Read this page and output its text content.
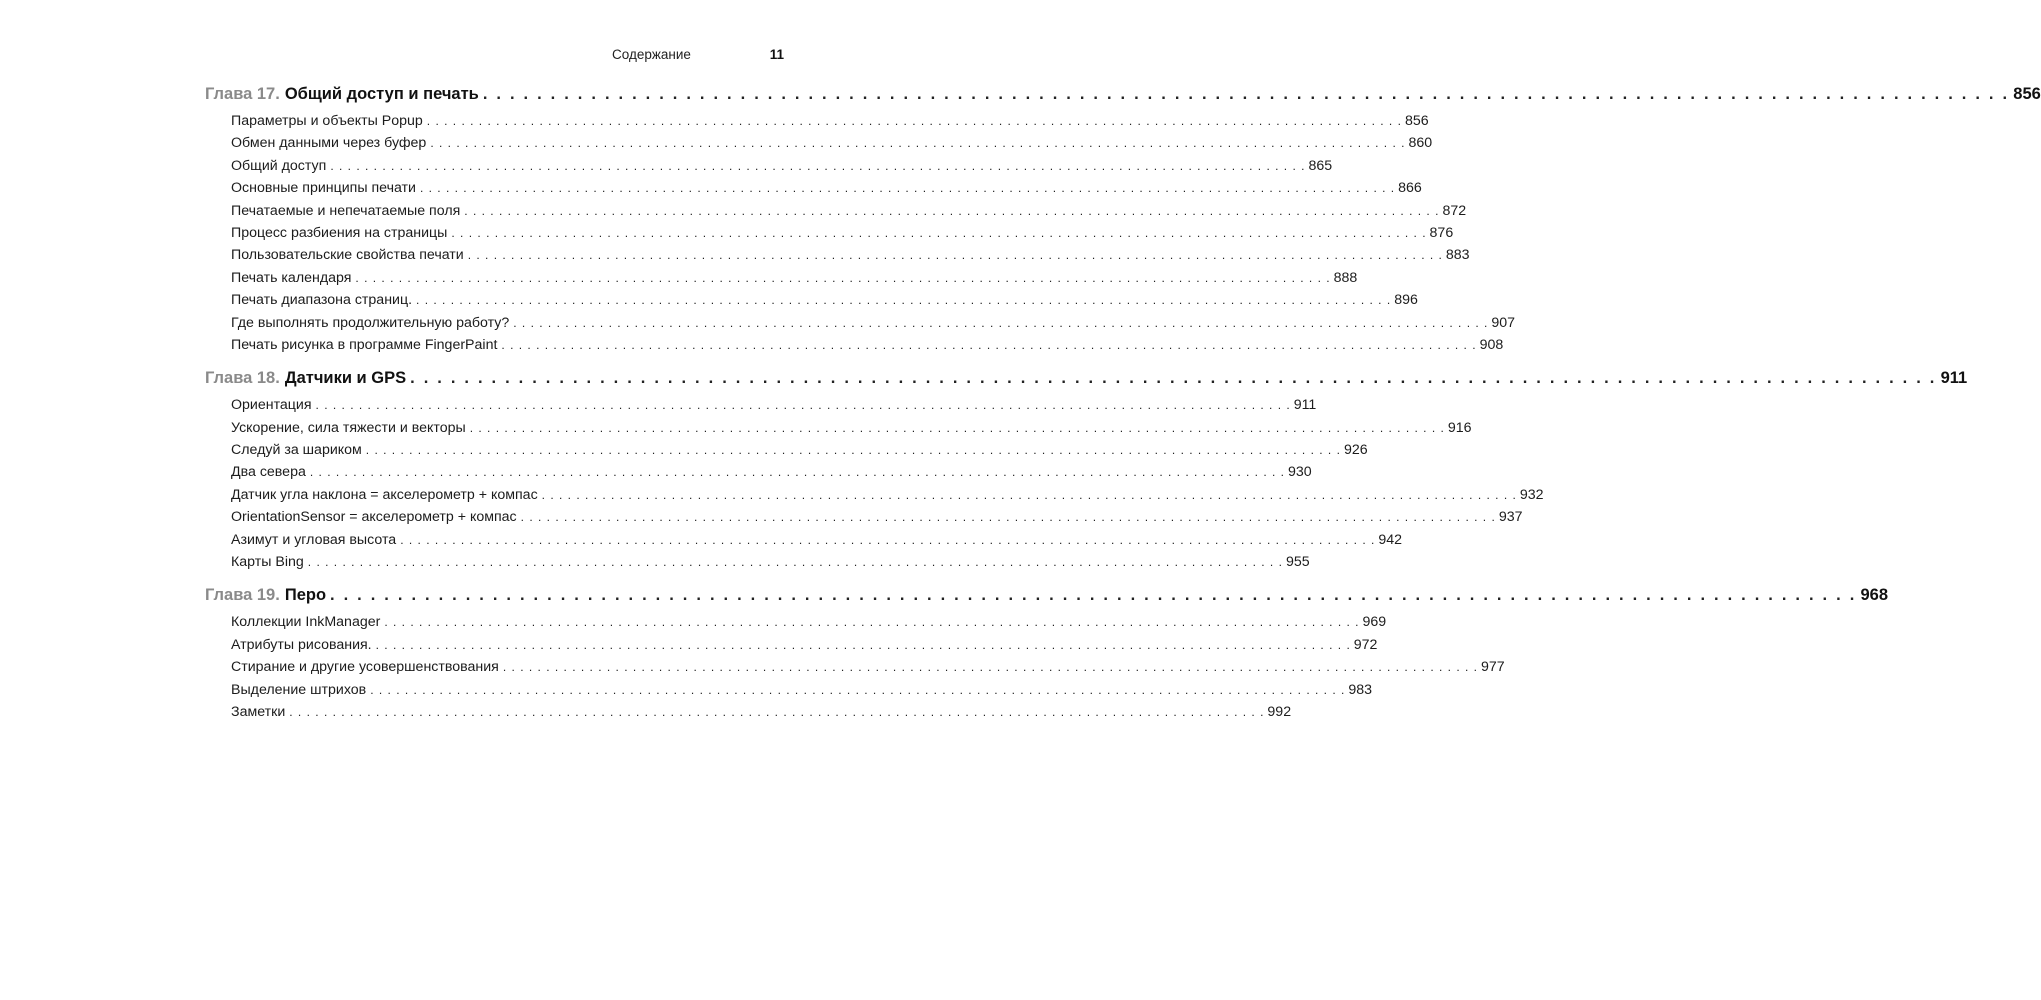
Содержание	11
Глава 17. Общий доступ и печать . . . . . . . . . . . . . . . . . . . . . . . . . . . . . . . . . . . . . . . . . . . . . . . . . . . . . . . . . . . . . . . . . . . . . . . . . . . . . . . . . . . . . . . . . . . . . . . . . . . . . . . . . . . . . . . . . 856
Параметры и объекты Popup . . . . . . . . . . . . . . . . . . . . . . . . . . . . . . . . . . . . . . . . . . . . . . . . . . . . . . . . . . . . . . . . . . . . . . . . . . . . . . . . . . . . . . . . . . . . . . . . . . . . . . . . . . . . . . . . . 856
Обмен данными через буфер . . . . . . . . . . . . . . . . . . . . . . . . . . . . . . . . . . . . . . . . . . . . . . . . . . . . . . . . . . . . . . . . . . . . . . . . . . . . . . . . . . . . . . . . . . . . . . . . . . . . . . . . . . . . . . . . . 860
Общий доступ . . . . . . . . . . . . . . . . . . . . . . . . . . . . . . . . . . . . . . . . . . . . . . . . . . . . . . . . . . . . . . . . . . . . . . . . . . . . . . . . . . . . . . . . . . . . . . . . . . . . . . . . . . . . . . . . . 865
Основные принципы печати . . . . . . . . . . . . . . . . . . . . . . . . . . . . . . . . . . . . . . . . . . . . . . . . . . . . . . . . . . . . . . . . . . . . . . . . . . . . . . . . . . . . . . . . . . . . . . . . . . . . . . . . . . . . . . . . . 866
Печатаемые и непечатаемые поля . . . . . . . . . . . . . . . . . . . . . . . . . . . . . . . . . . . . . . . . . . . . . . . . . . . . . . . . . . . . . . . . . . . . . . . . . . . . . . . . . . . . . . . . . . . . . . . . . . . . . . . . . . . . . . . . . 872
Процесс разбиения на страницы . . . . . . . . . . . . . . . . . . . . . . . . . . . . . . . . . . . . . . . . . . . . . . . . . . . . . . . . . . . . . . . . . . . . . . . . . . . . . . . . . . . . . . . . . . . . . . . . . . . . . . . . . . . . . . . . . 876
Пользовательские свойства печати . . . . . . . . . . . . . . . . . . . . . . . . . . . . . . . . . . . . . . . . . . . . . . . . . . . . . . . . . . . . . . . . . . . . . . . . . . . . . . . . . . . . . . . . . . . . . . . . . . . . . . . . . . . . . . . . . 883
Печать календаря . . . . . . . . . . . . . . . . . . . . . . . . . . . . . . . . . . . . . . . . . . . . . . . . . . . . . . . . . . . . . . . . . . . . . . . . . . . . . . . . . . . . . . . . . . . . . . . . . . . . . . . . . . . . . . . . . 888
Печать диапазона страниц. . . . . . . . . . . . . . . . . . . . . . . . . . . . . . . . . . . . . . . . . . . . . . . . . . . . . . . . . . . . . . . . . . . . . . . . . . . . . . . . . . . . . . . . . . . . . . . . . . . . . . . . . . . . . . . . . . 896
Где выполнять продолжительную работу? . . . . . . . . . . . . . . . . . . . . . . . . . . . . . . . . . . . . . . . . . . . . . . . . . . . . . . . . . . . . . . . . . . . . . . . . . . . . . . . . . . . . . . . . . . . . . . . . . . . . . . . . . . . . . . . . . 907
Печать рисунка в программе FingerPaint . . . . . . . . . . . . . . . . . . . . . . . . . . . . . . . . . . . . . . . . . . . . . . . . . . . . . . . . . . . . . . . . . . . . . . . . . . . . . . . . . . . . . . . . . . . . . . . . . . . . . . . . . . . . . . . . . 908
Глава 18. Датчики и GPS . . . . . . . . . . . . . . . . . . . . . . . . . . . . . . . . . . . . . . . . . . . . . . . . . . . . . . . . . . . . . . . . . . . . . . . . . . . . . . . . . . . . . . . . . . . . . . . . . . . . . . . . . . . . . . . . . 911
Ориентация . . . . . . . . . . . . . . . . . . . . . . . . . . . . . . . . . . . . . . . . . . . . . . . . . . . . . . . . . . . . . . . . . . . . . . . . . . . . . . . . . . . . . . . . . . . . . . . . . . . . . . . . . . . . . . . . . 911
Ускорение, сила тяжести и векторы . . . . . . . . . . . . . . . . . . . . . . . . . . . . . . . . . . . . . . . . . . . . . . . . . . . . . . . . . . . . . . . . . . . . . . . . . . . . . . . . . . . . . . . . . . . . . . . . . . . . . . . . . . . . . . . . . 916
Следуй за шариком . . . . . . . . . . . . . . . . . . . . . . . . . . . . . . . . . . . . . . . . . . . . . . . . . . . . . . . . . . . . . . . . . . . . . . . . . . . . . . . . . . . . . . . . . . . . . . . . . . . . . . . . . . . . . . . . . 926
Два севера . . . . . . . . . . . . . . . . . . . . . . . . . . . . . . . . . . . . . . . . . . . . . . . . . . . . . . . . . . . . . . . . . . . . . . . . . . . . . . . . . . . . . . . . . . . . . . . . . . . . . . . . . . . . . . . . . 930
Датчик угла наклона = акселерометр + компас . . . . . . . . . . . . . . . . . . . . . . . . . . . . . . . . . . . . . . . . . . . . . . . . . . . . . . . . . . . . . . . . . . . . . . . . . . . . . . . . . . . . . . . . . . . . . . . . . . . . . . . . . . . . . . . . . 932
OrientationSensor = акселерометр + компас . . . . . . . . . . . . . . . . . . . . . . . . . . . . . . . . . . . . . . . . . . . . . . . . . . . . . . . . . . . . . . . . . . . . . . . . . . . . . . . . . . . . . . . . . . . . . . . . . . . . . . . . . . . . . . . . . 937
Азимут и угловая высота . . . . . . . . . . . . . . . . . . . . . . . . . . . . . . . . . . . . . . . . . . . . . . . . . . . . . . . . . . . . . . . . . . . . . . . . . . . . . . . . . . . . . . . . . . . . . . . . . . . . . . . . . . . . . . . . . 942
Карты Bing . . . . . . . . . . . . . . . . . . . . . . . . . . . . . . . . . . . . . . . . . . . . . . . . . . . . . . . . . . . . . . . . . . . . . . . . . . . . . . . . . . . . . . . . . . . . . . . . . . . . . . . . . . . . . . . . . 955
Глава 19. Перо . . . . . . . . . . . . . . . . . . . . . . . . . . . . . . . . . . . . . . . . . . . . . . . . . . . . . . . . . . . . . . . . . . . . . . . . . . . . . . . . . . . . . . . . . . . . . . . . . . . . . . . . . . . . . . . . . 968
Коллекции InkManager . . . . . . . . . . . . . . . . . . . . . . . . . . . . . . . . . . . . . . . . . . . . . . . . . . . . . . . . . . . . . . . . . . . . . . . . . . . . . . . . . . . . . . . . . . . . . . . . . . . . . . . . . . . . . . . . . 969
Атрибуты рисования. . . . . . . . . . . . . . . . . . . . . . . . . . . . . . . . . . . . . . . . . . . . . . . . . . . . . . . . . . . . . . . . . . . . . . . . . . . . . . . . . . . . . . . . . . . . . . . . . . . . . . . . . . . . . . . . . . 972
Стирание и другие усовершенствования . . . . . . . . . . . . . . . . . . . . . . . . . . . . . . . . . . . . . . . . . . . . . . . . . . . . . . . . . . . . . . . . . . . . . . . . . . . . . . . . . . . . . . . . . . . . . . . . . . . . . . . . . . . . . . . . . 977
Выделение штрихов . . . . . . . . . . . . . . . . . . . . . . . . . . . . . . . . . . . . . . . . . . . . . . . . . . . . . . . . . . . . . . . . . . . . . . . . . . . . . . . . . . . . . . . . . . . . . . . . . . . . . . . . . . . . . . . . . 983
Заметки . . . . . . . . . . . . . . . . . . . . . . . . . . . . . . . . . . . . . . . . . . . . . . . . . . . . . . . . . . . . . . . . . . . . . . . . . . . . . . . . . . . . . . . . . . . . . . . . . . . . . . . . . . . . . . . . . 992
